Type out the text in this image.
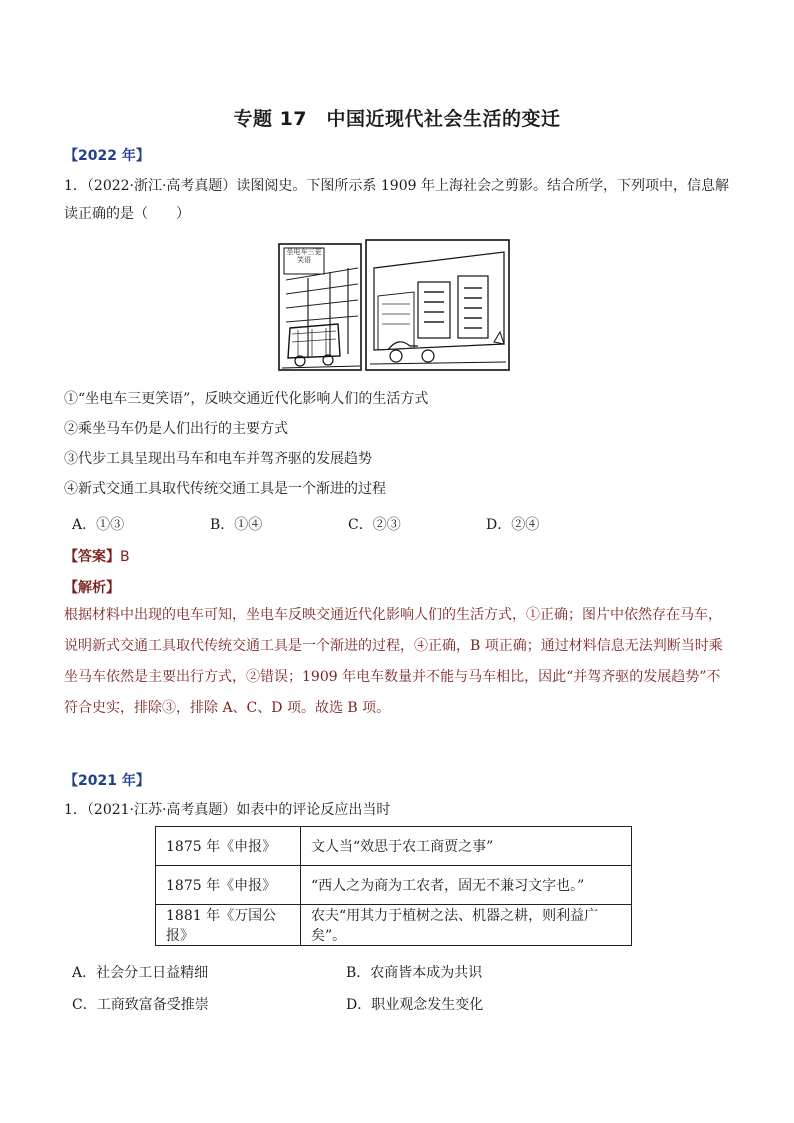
专题 17　中国近现代社会生活的变迁
【2022 年】
1．（2022·浙江·高考真题）读图阅史。下图所示系 1909 年上海社会之剪影。结合所学，下列项中，信息解
读正确的是（　　）
坐电车三更笑语
①“坐电车三更笑语”，反映交通近代化影响人们的生活方式
②乘坐马车仍是人们出行的主要方式
③代步工具呈现出马车和电车并驾齐驱的发展趋势
④新式交通工具取代传统交通工具是一个渐进的过程
A．①③	B．①④	C．②③	D．②④
【答案】B
【解析】
根据材料中出现的电车可知，坐电车反映交通近代化影响人们的生活方式，①正确；图片中依然存在马车，说明新式交通工具取代传统交通工具是一个渐进的过程，④正确，B 项正确；通过材料信息无法判断当时乘坐马车依然是主要出行方式，②错误；1909 年电车数量并不能与马车相比，因此“并驾齐驱的发展趋势”不符合史实，排除③，排除 A、C、D 项。故选 B 项。
【2021 年】
1．（2021·江苏·高考真题）如表中的评论反应出当时
1875 年《申报》	文人当“效思于农工商贾之事”
1875 年《申报》	“西人之为商为工农者，固无不兼习文字也。”
1881 年《万国公报》	农夫“用其力于植树之法、机器之耕，则利益广矣”。
A．社会分工日益精细	B．农商皆本成为共识
C．工商致富备受推崇	D．职业观念发生变化
